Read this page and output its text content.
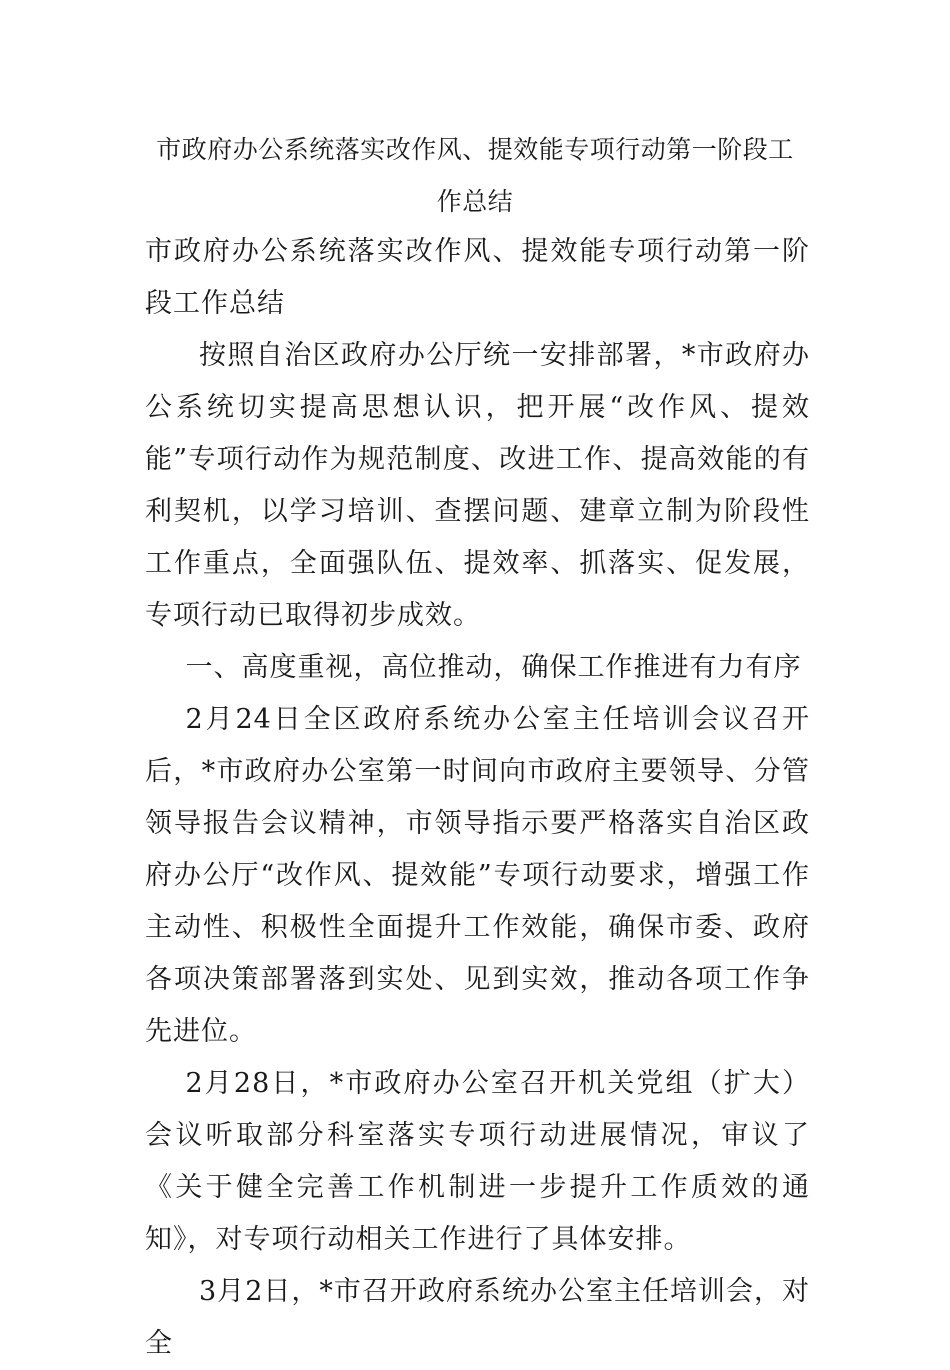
市政府办公系统落实改作风、提效能专项行动第一阶段工作总结

市政府办公系统落实改作风、提效能专项行动第一阶段工作总结

按照自治区政府办公厅统一安排部署，*市政府办公系统切实提高思想认识，把开展“改作风、提效能”专项行动作为规范制度、改进工作、提高效能的有利契机，以学习培训、查摆问题、建章立制为阶段性工作重点，全面强队伍、提效率、抓落实、促发展，专项行动已取得初步成效。

一、高度重视，高位推动，确保工作推进有力有序

2月24日全区政府系统办公室主任培训会议召开后，*市政府办公室第一时间向市政府主要领导、分管领导报告会议精神，市领导指示要严格落实自治区政府办公厅“改作风、提效能”专项行动要求，增强工作主动性、积极性全面提升工作效能，确保市委、政府各项决策部署落到实处、见到实效，推动各项工作争先进位。

2月28日，*市政府办公室召开机关党组（扩大）会议听取部分科室落实专项行动进展情况，审议了《关于健全完善工作机制进一步提升工作质效的通知》，对专项行动相关工作进行了具体安排。

3月2日，*市召开政府系统办公室主任培训会，对全
